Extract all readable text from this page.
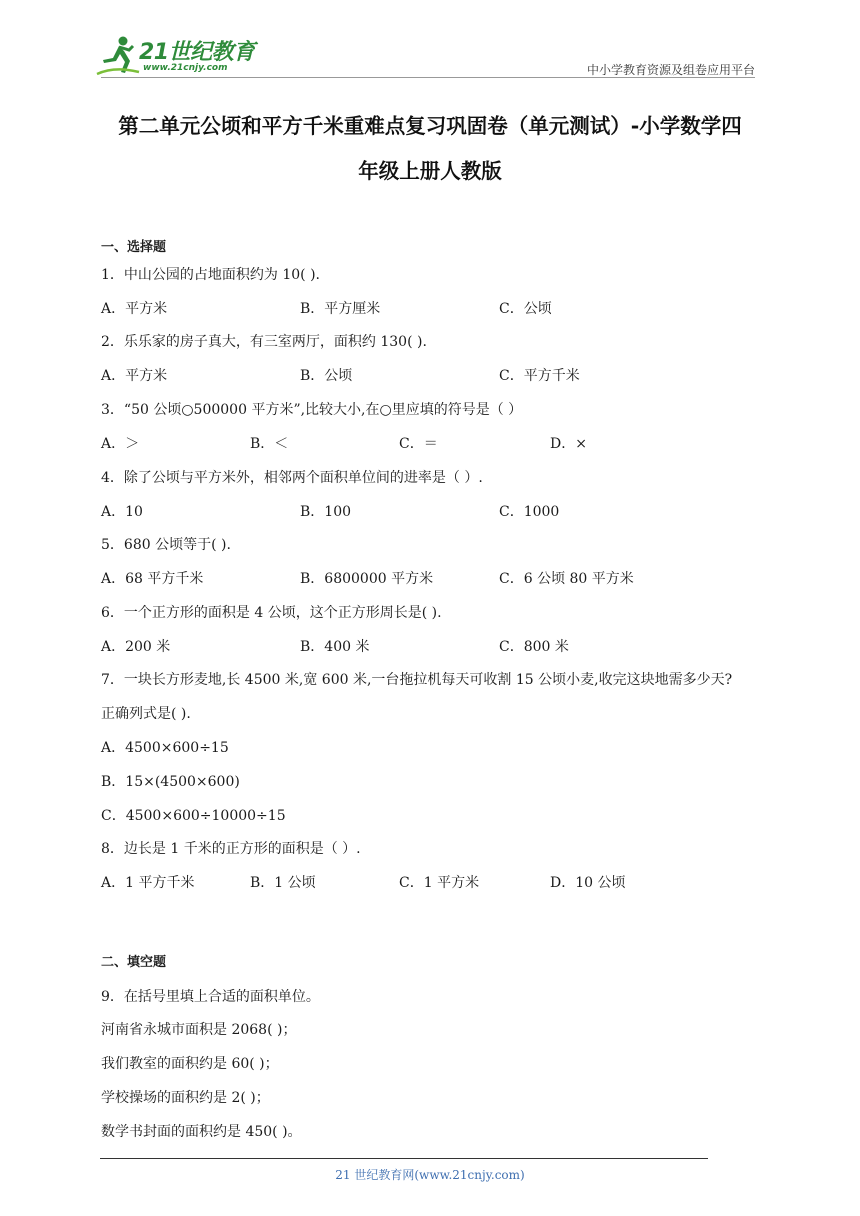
21世纪教育
www.21cnjy.com	中小学教育资源及组卷应用平台
第二单元公顷和平方千米重难点复习巩固卷（单元测试）-小学数学四
年级上册人教版
一、选择题
1．中山公园的占地面积约为 10( ).
A．平方米	B．平方厘米	C．公顷
2．乐乐家的房子真大，有三室两厅，面积约 130( ).
A．平方米	B．公顷	C．平方千米
3．“50 公顷○500000 平方米”,比较大小,在○里应填的符号是（ ）
A．＞	B．＜	C．＝	D．×
4．除了公顷与平方米外，相邻两个面积单位间的进率是（ ）.
A．10	B．100	C．1000
5．680 公顷等于( ).
A．68 平方千米	B．6800000 平方米	C．6 公顷 80 平方米
6．一个正方形的面积是 4 公顷，这个正方形周长是( ).
A．200 米	B．400 米	C．800 米
7．一块长方形麦地,长 4500 米,宽 600 米,一台拖拉机每天可收割 15 公顷小麦,收完这块地需多少天?
正确列式是( ).
A．4500×600÷15
B．15×(4500×600)
C．4500×600÷10000÷15
8．边长是 1 千米的正方形的面积是（ ）.
A．1 平方千米	B．1 公顷	C．1 平方米	D．10 公顷
二、填空题
9．在括号里填上合适的面积单位。
河南省永城市面积是 2068( )；
我们教室的面积约是 60( )；
学校操场的面积约是 2( )；
数学书封面的面积约是 450( )。
21 世纪教育网(www.21cnjy.com)
